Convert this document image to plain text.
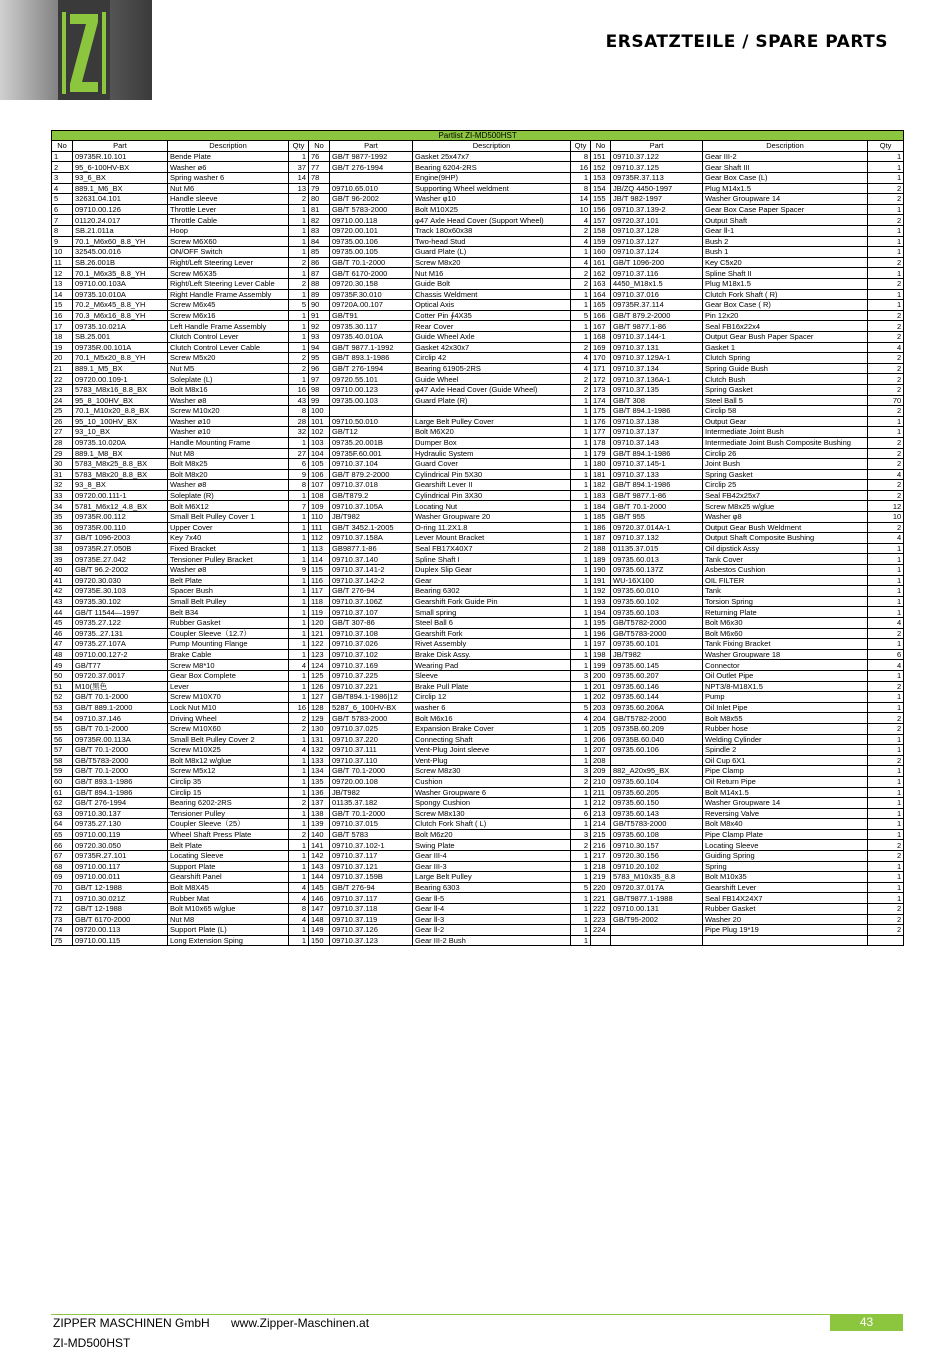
ERSATZTEILE / SPARE PARTS
Partlist ZI-MD500HST											
No	Part	Description	Qty	No	Part	Description	Qty	No	Part	Description	Qty
1	09735R.10.101	Bende Plate	1	76	GB/T 9877-1992	Gasket 25x47x7	8	151	09710.37.122	Gear III-2	1
2	95_6-100HV-BX	Washer ø6	37	77	GB/T 276-1994	Bearing 6204-2RS	16	152	09710.37.125	Gear Shaft III	1
3	93_6_BX	Spring washer 6	14	78		Engine(9HP)	1	153	09735R.37.113	Gear Box Case (L)	1
4	889.1_M6_BX	Nut M6	13	79	09710.65.010	Supporting Wheel weldment	8	154	JB/ZQ 4450-1997	Plug M14x1.5	2
5	32631.04.101	Handle sleeve	2	80	GB/T 96-2002	Washer φ10	14	155	JB/T 982-1997	Washer Groupware 14	2
6	09710.00.126	Throttle Lever	1	81	GB/T 5783-2000	Bolt M10X25	10	156	09710.37.139-2	Gear Box Case Paper Spacer	1
7	01120.24.017	Throttle Cable	1	82	09710.00.118	φ47 Axle Head Cover (Support Wheel)	4	157	09720.37.101	Output Shaft	2
8	SB.21.011a	Hoop	1	83	09720.00.101	Track 180x60x38	2	158	09710.37.128	Gear Ⅱ-1	1
9	70.1_M6x60_8.8_YH	Screw M6X60	1	84	09735.00.106	Two-head Stud	4	159	09710.37.127	Bush 2	1
10	32545.00.016	ON/OFF Switch	1	85	09735.00.105	Guard Plate (L)	1	160	09710.37.124	Bush 1	1
11	SB.26.001B	Right/Left Steering Lever	2	86	GB/T 70.1-2000	Screw M8x20	4	161	GB/T 1096-200	Key C5x20	2
12	70.1_M6x35_8.8_YH	Screw M6X35	1	87	GB/T 6170-2000	Nut M16	2	162	09710.37.116	Spline Shaft II	1
13	09710.00.103A	Right/Left Steering Lever Cable	2	88	09720.30.158	Guide Bolt	2	163	4450_M18x1.5	Plug M18x1.5	2
14	09735.10.010A	Right Handle Frame Assembly	1	89	09735F.30.010	Chassis Weldment	1	164	09710.37.016	Clutch Fork Shaft ( R)	1
15	70.2_M6x45_8.8_YH	Screw M6x45	5	90	09720A.00.107	Optical Axis	1	165	09735R.37.114	Gear Box Case ( R)	1
16	70.3_M6x16_8.8_YH	Screw M6x16	1	91	GB/T91	Cotter Pin ∮4X35	5	166	GB/T 879.2-2000	Pin 12x20	2
17	09735.10.021A	Left Handle Frame Assembly	1	92	09735.30.117	Rear Cover	1	167	GB/T 9877.1-86	Seal FB16x22x4	2
18	SB.25.001	Clutch Control Lever	1	93	09735.40.010A	Guide Wheel Axle	1	168	09710.37.144-1	Output Gear Bush Paper Spacer	2
19	09735R.00.101A	Clutch Control Lever Cable	1	94	GB/T 9877.1-1992	Gasket 42x30x7	2	169	09710.37.131	Gasket 1	4
20	70.1_M5x20_8.8_YH	Screw M5x20	2	95	GB/T 893.1-1986	Circlip 42	4	170	09710.37.129A-1	Clutch Spring	2
21	889.1_M5_BX	Nut M5	2	96	GB/T 276-1994	Bearing 61905-2RS	4	171	09710.37.134	Spring Guide Bush	2
22	09720.00.109-1	Soleplate (L)	1	97	09720.55.101	Guide Wheel	2	172	09710.37.136A-1	Clutch Bush	2
23	5783_M8x16_8.8_BX	Bolt M8x16	16	98	09710.00.123	φ47 Axle Head Cover (Guide Wheel)	2	173	09710.37.135	Spring Gasket	2
24	95_8_100HV_BX	Washer ø8	43	99	09735.00.103	Guard Plate (R)	1	174	GB/T 308	Steel Ball 5	70
25	70.1_M10x20_8.8_BX	Screw M10x20	8	100			1	175	GB/T 894.1-1986	Circlip 58	2
26	95_10_100HV_BX	Washer ø10	28	101	09710.50.010	Large Belt Pulley Cover	1	176	09710.37.138	Output Gear	1
27	93_10_BX	Washer ø10	32	102	GB/T12	Bolt M6X20	1	177	09710.37.137	Intermediate Joint Bush	1
28	09735.10.020A	Handle Mounting Frame	1	103	09735.20.001B	Dumper Box	1	178	09710.37.143	Intermediate Joint Bush Composite Bushing	2
29	889.1_M8_BX	Nut M8	27	104	09735F.60.001	Hydraulic System	1	179	GB/T 894.1-1986	Circlip 26	2
30	5783_M8x25_8.8_BX	Bolt M8x25	6	105	09710.37.104	Guard Cover	1	180	09710.37.145-1	Joint Bush	2
31	5783_M8x20_8.8_BX	Bolt M8x20	9	106	GB/T 879.2-2000	Cylindrical Pin 5X30	1	181	09710.37.133	Spring Gasket	4
32	93_8_BX	Washer ø8	8	107	09710.37.018	Gearshift Lever II	1	182	GB/T 894.1-1986	Circlip 25	2
33	09720.00.111-1	Soleplate (R)	1	108	GB/T879.2	Cylindrical Pin 3X30	1	183	GB/T 9877.1-86	Seal FB42x25x7	2
34	5781_M6x12_4.8_BX	Bolt M6X12	7	109	09710.37.105A	Locating Nut	1	184	GB/T 70.1-2000	Screw M8x25 w/glue	12
35	09735R.00.112	Small Belt Pulley Cover 1	1	110	JB/T982	Washer Groupware 20	1	185	GB/T 955	Washer φ8	10
36	09735R.00.110	Upper Cover	1	111	GB/T 3452.1-2005	O-ring 11.2X1.8	1	186	09720.37.014A-1	Output Gear Bush Weldment	2
37	GB/T 1096-2003	Key 7x40	1	112	09710.37.158A	Lever Mount Bracket	1	187	09710.37.132	Output Shaft Composite Bushing	4
38	09735R.27.050B	Fixed Bracket	1	113	GB9877.1-86	Seal FB17X40X7	2	188	01135.37.015	Oil dipstick Assy	1
39	09735E.27.042	Tensioner Pulley Bracket	1	114	09710.37.140	Spline Shaft I	1	189	09735.60.013	Tank Cover	1
40	GB/T 96.2-2002	Washer ø8	9	115	09710.37.141-2	Duplex Slip Gear	1	190	09735.60.137Z	Asbestos Cushion	1
41	09720.30.030	Belt Plate	1	116	09710.37.142-2	Gear	1	191	WU-16X100	OIL FILTER	1
42	09735E.30.103	Spacer Bush	1	117	GB/T 276-94	Bearing 6302	1	192	09735.60.010	Tank	1
43	09735.30.102	Small Belt Pulley	1	118	09710.37.106Z	Gearshift Fork Guide Pin	1	193	09735.60.102	Torsion Spring	1
44	GB/T 11544—1997	Belt B34	1	119	09710.37.107	Small spring	1	194	09735.60.103	Returning Plate	1
45	09735.27.122	Rubber Gasket	1	120	GB/T 307-86	Steel Ball 6	1	195	GB/T5782-2000	Bolt M6x30	4
46	09735..27.131	Coupler Sleeve（12.7）	1	121	09710.37.108	Gearshift Fork	1	196	GB/T5783-2000	Bolt M6x60	2
47	09735.27.107A	Pump Mounting Flange	1	122	09710.37.026	Rivet Assembly	1	197	09735.60.101	Tank Fixing Bracket	1
48	09710.00.127-2	Brake Cable	1	123	09710.37.102	Brake Disk Assy.	1	198	JB/T982	Washer Groupware 18	6
49	GB/T77	Screw M8*10	4	124	09710.37.169	Wearing Pad	1	199	09735.60.145	Connector	4
50	09720.37.0017	Gear Box Complete	1	125	09710.37.225	Sleeve	3	200	09735.60.207	Oil Outlet Pipe	1
51	M10(黑色	Lever	1	126	09710.37.221	Brake Pull Plate	1	201	09735.60.146	NPT3/8-M18X1.5	2
52	GB/T 70.1-2000	Screw M10X70	1	127	GB/T894.1-1986|12	Circlip 12	1	202	09735.60.144	Pump	1
53	GB/T 889.1-2000	Lock Nut M10	16	128	5287_6_100HV-BX	washer 6	5	203	09735.60.206A	Oil Inlet Pipe	1
54	09710.37.146	Driving Wheel	2	129	GB/T 5783-2000	Bolt M6x16	4	204	GB/T5782-2000	Bolt M8x55	2
55	GB/T 70.1-2000	Screw M10X60	2	130	09710.37.025	Expansion Brake Cover	1	205	09735B.60.209	Rubber hose	2
56	09735R.00.113A	Small Belt Pulley Cover 2	1	131	09710.37.220	Connecting Shaft	1	206	09735B.60.040	Welding Cylinder	1
57	GB/T 70.1-2000	Screw M10X25	4	132	09710.37.111	Vent-Plug Joint sleeve	1	207	09735.60.106	Spindle 2	1
58	GB/T5783-2000	Bolt M8x12 w/glue	1	133	09710.37.110	Vent-Plug	1	208		Oil Cup 6X1	2
59	GB/T 70.1-2000	Screw M5x12	1	134	GB/T 70.1-2000	Screw M8z30	3	209	882_A20x95_BX	Pipe Clamp	1
60	GB/T 893.1-1986	Circlip 35	1	135	09720.00.108	Cushion	2	210	09735.60.104	Oil Return Pipe	1
61	GB/T 894.1-1986	Circlip 15	1	136	JB/T982	Washer Groupware 6	1	211	09735.60.205	Bolt M14x1.5	1
62	GB/T 276-1994	Bearing 6202-2RS	2	137	01135.37.182	Spongy Cushion	1	212	09735.60.150	Washer Groupware 14	1
63	09710.30.137	Tensioner Pulley	1	138	GB/T 70.1-2000	Screw M8x130	6	213	09735.60.143	Reversing Valve	1
64	09735.27.130	Coupler Sleeve（25）	1	139	09710.37.015	Clutch Fork Shaft ( L)	1	214	GB/T5783-2000	Bolt M8x40	1
65	09710.00.119	Wheel Shaft Press Plate	2	140	GB/T 5783	Bolt M6z20	3	215	09735.60.108	Pipe Clamp Plate	1
66	09720.30.050	Belt Plate	1	141	09710.37.102-1	Swing Plate	2	216	09710.30.157	Locating Sleeve	2
67	09735R.27.101	Locating Sleeve	1	142	09710.37.117	Gear III-4	1	217	09720.30.156	Guiding Spring	2
68	09710.00.117	Support Plate	1	143	09710.37.121	Gear III-3	1	218	09710.20.102	Spring	1
69	09710.00.011	Gearshift Panel	1	144	09710.37.159B	Large Belt Pulley	1	219	5783_M10x35_8.8	Bolt M10x35	1
70	GB/T 12-1988	Bolt M8X45	4	145	GB/T 276-94	Bearing 6303	5	220	09720.37.017A	Gearshift Lever	1
71	09710.30.021Z	Rubber Mat	4	146	09710.37.117	Gear Ⅱ-5	1	221	GB/T9877.1-1988	Seal FB14X24X7	1
72	GB/T 12-1988	Bolt M10x65 w/glue	8	147	09710.37.118	Gear Ⅱ-4	1	222	09710.00.131	Rubber Gasket	2
73	GB/T 6170-2000	Nut M8	4	148	09710.37.119	Gear Ⅱ-3	1	223	GB/T95-2002	Washer 20	2
74	09720.00.113	Support Plate (L)	1	149	09710.37.126	Gear Ⅱ-2	1	224		Pipe Plug 19*19	2
75	09710.00.115	Long Extension Sping	1	150	09710.37.123	Gear III-2 Bush	1				
ZIPPER MASCHINEN GmbH www.Zipper-Maschinen.at	43
ZI-MD500HST
